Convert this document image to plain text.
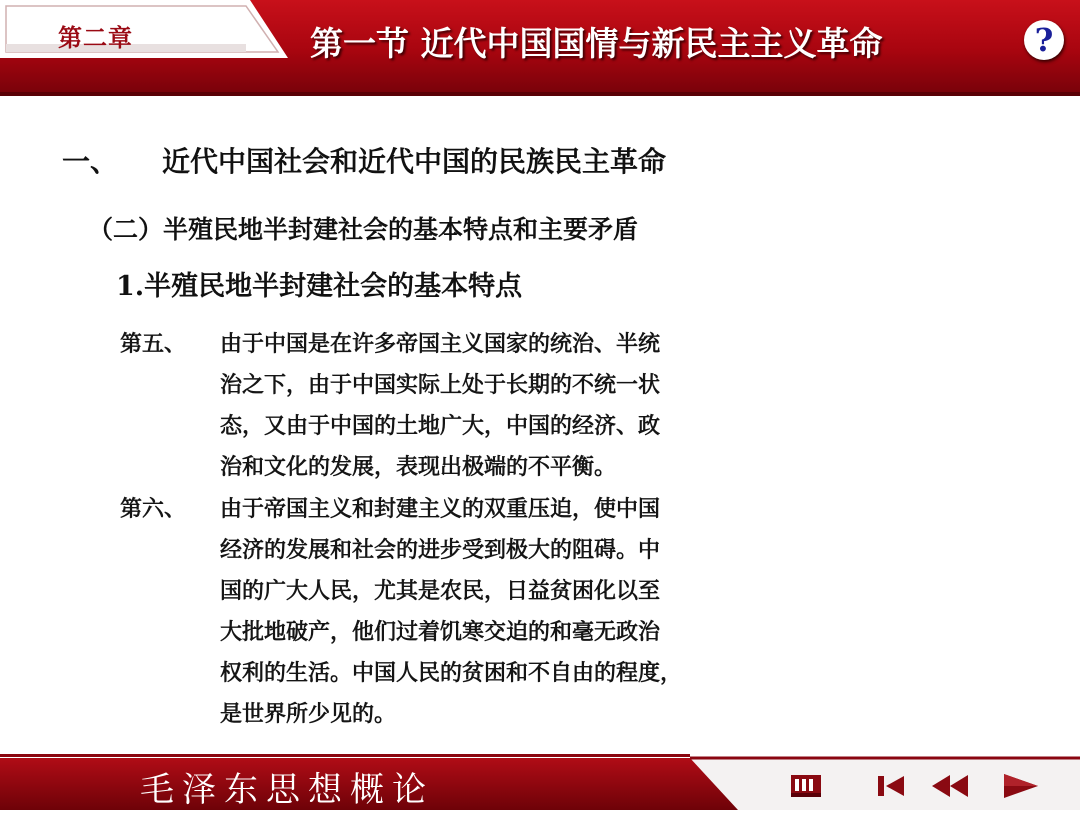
第二章	第一节 近代中国国情与新民主主义革命	?
一、 近代中国社会和近代中国的民族民主革命
（二）半殖民地半封建社会的基本特点和主要矛盾
1.半殖民地半封建社会的基本特点
第五、 由于中国是在许多帝国主义国家的统治、半统
治之下，由于中国实际上处于长期的不统一状
态，又由于中国的土地广大，中国的经济、政
治和文化的发展，表现出极端的不平衡。
第六、 由于帝国主义和封建主义的双重压迫，使中国
经济的发展和社会的进步受到极大的阻碍。中
国的广大人民，尤其是农民，日益贫困化以至
大批地破产，他们过着饥寒交迫的和毫无政治
权利的生活。中国人民的贫困和不自由的程度，
是世界所少见的。
毛泽东思想概论
